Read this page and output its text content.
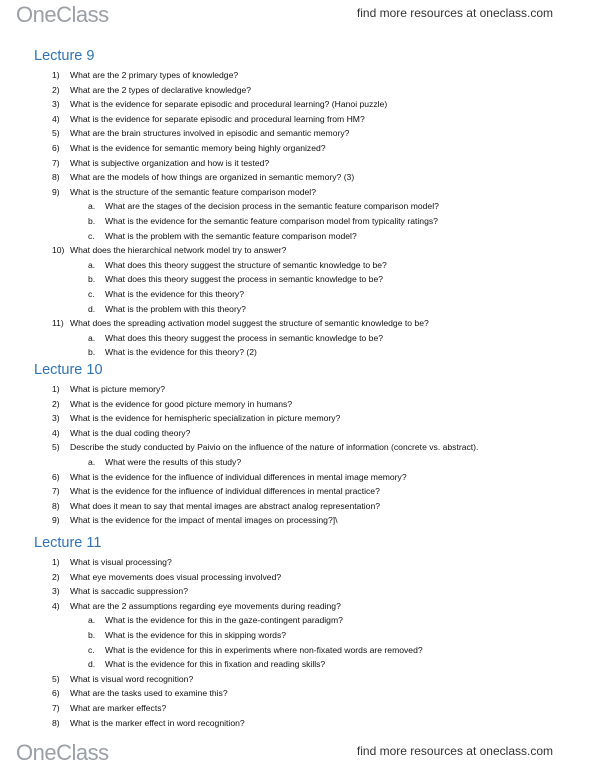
OneClass	find more resources at oneclass.com
Lecture 9
1) What are the 2 primary types of knowledge?
2) What are the 2 types of declarative knowledge?
3) What is the evidence for separate episodic and procedural learning? (Hanoi puzzle)
4) What is the evidence for separate episodic and procedural learning from HM?
5) What are the brain structures involved in episodic and semantic memory?
6) What is the evidence for semantic memory being highly organized?
7) What is subjective organization and how is it tested?
8) What are the models of how things are organized in semantic memory? (3)
9) What is the structure of the semantic feature comparison model?
a. What are the stages of the decision process in the semantic feature comparison model?
b. What is the evidence for the semantic feature comparison model from typicality ratings?
c. What is the problem with the semantic feature comparison model?
10) What does the hierarchical network model try to answer?
a. What does this theory suggest the structure of semantic knowledge to be?
b. What does this theory suggest the process in semantic knowledge to be?
c. What is the evidence for this theory?
d. What is the problem with this theory?
11) What does the spreading activation model suggest the structure of semantic knowledge to be?
a. What does this theory suggest the process in semantic knowledge to be?
b. What is the evidence for this theory? (2)
Lecture 10
1) What is picture memory?
2) What is the evidence for good picture memory in humans?
3) What is the evidence for hemispheric specialization in picture memory?
4) What is the dual coding theory?
5) Describe the study conducted by Paivio on the influence of the nature of information (concrete vs. abstract).
a. What were the results of this study?
6) What is the evidence for the influence of individual differences in mental image memory?
7) What is the evidence for the influence of individual differences in mental practice?
8) What does it mean to say that mental images are abstract analog representation?
9) What is the evidence for the impact of mental images on processing?]\
Lecture 11
1) What is visual processing?
2) What eye movements does visual processing involved?
3) What is saccadic suppression?
4) What are the 2 assumptions regarding eye movements during reading?
a. What is the evidence for this in the gaze-contingent paradigm?
b. What is the evidence for this in skipping words?
c. What is the evidence for this in experiments where non-fixated words are removed?
d. What is the evidence for this in fixation and reading skills?
5) What is visual word recognition?
6) What are the tasks used to examine this?
7) What are marker effects?
8) What is the marker effect in word recognition?
OneClass	find more resources at oneclass.com
